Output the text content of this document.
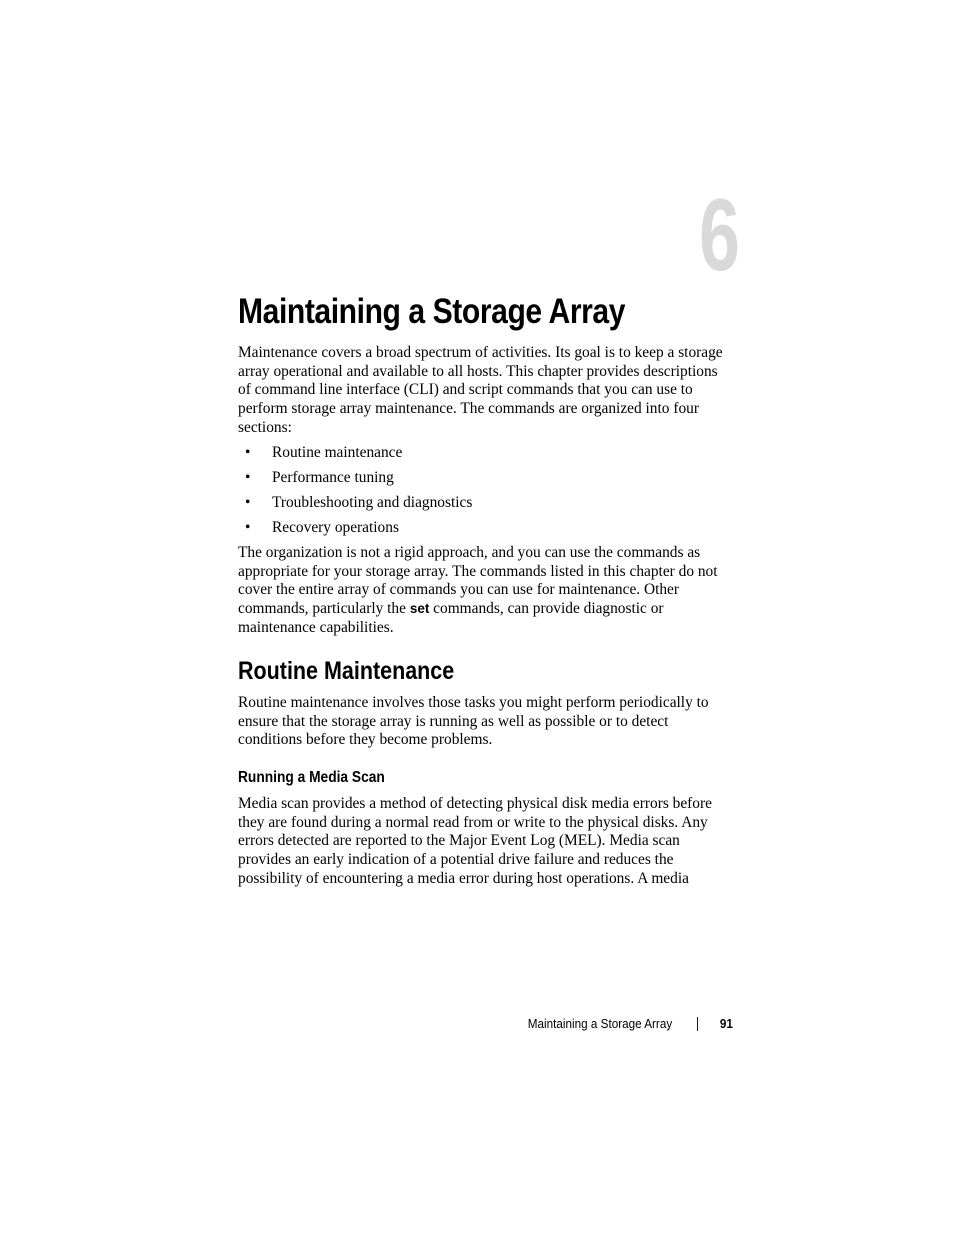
6
Maintaining a Storage Array

Maintenance covers a broad spectrum of activities. Its goal is to keep a storage

array operational and available to all hosts. This chapter provides descriptions

of command line interface (CLI) and script commands that you can use to

perform storage array maintenance. The commands are organized into four

sections:

• Routine maintenance
• Performance tuning
• Troubleshooting and diagnostics
• Recovery operations

The organization is not a rigid approach, and you can use the commands as

appropriate for your storage array. The commands listed in this chapter do not

cover the entire array of commands you can use for maintenance. Other

commands, particularly the set commands, can provide diagnostic or

maintenance capabilities.

Routine Maintenance

Routine maintenance involves those tasks you might perform periodically to

ensure that the storage array is running as well as possible or to detect

conditions before they become problems.

Running a Media Scan

Media scan provides a method of detecting physical disk media errors before

they are found during a normal read from or write to the physical disks. Any

errors detected are reported to the Major Event Log (MEL). Media scan

provides an early indication of a potential drive failure and reduces the

possibility of encountering a media error during host operations. A media

Maintaining a Storage Array	91
